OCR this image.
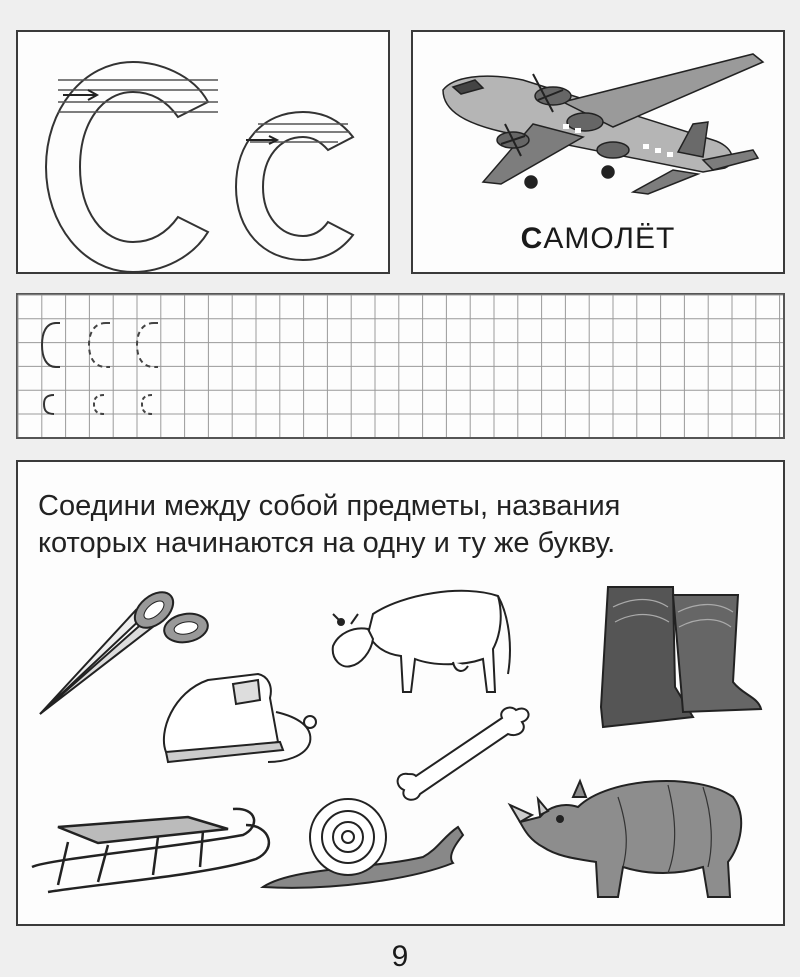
САМОЛЁТ
Соедини между собой предметы, названия
которых начинаются на одну и ту же букву.
9
